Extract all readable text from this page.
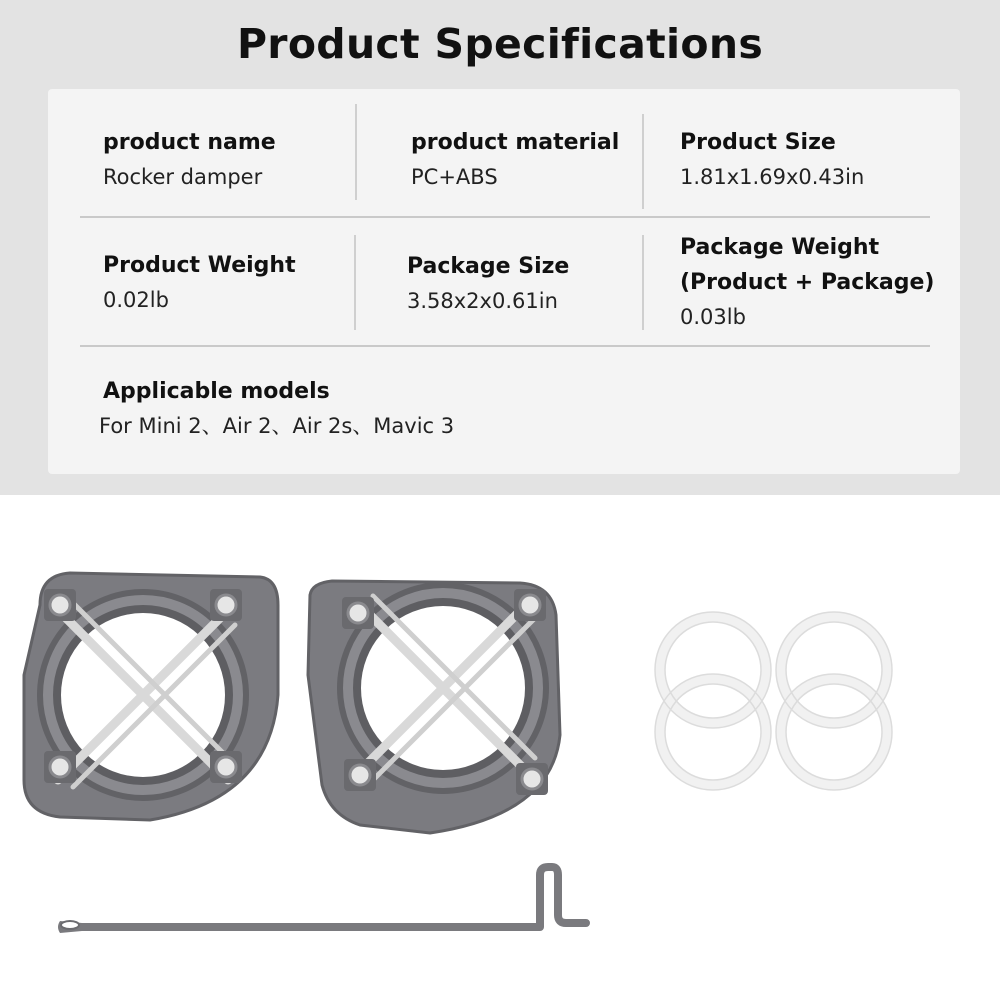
Product Specifications
product name
Rocker damper
product material
PC+ABS
Product Size
1.81x1.69x0.43in
Product Weight
0.02lb
Package Size
3.58x2x0.61in
Package Weight
(Product + Package)
0.03lb
Applicable models
For Mini 2、Air 2、Air 2s、Mavic 3
